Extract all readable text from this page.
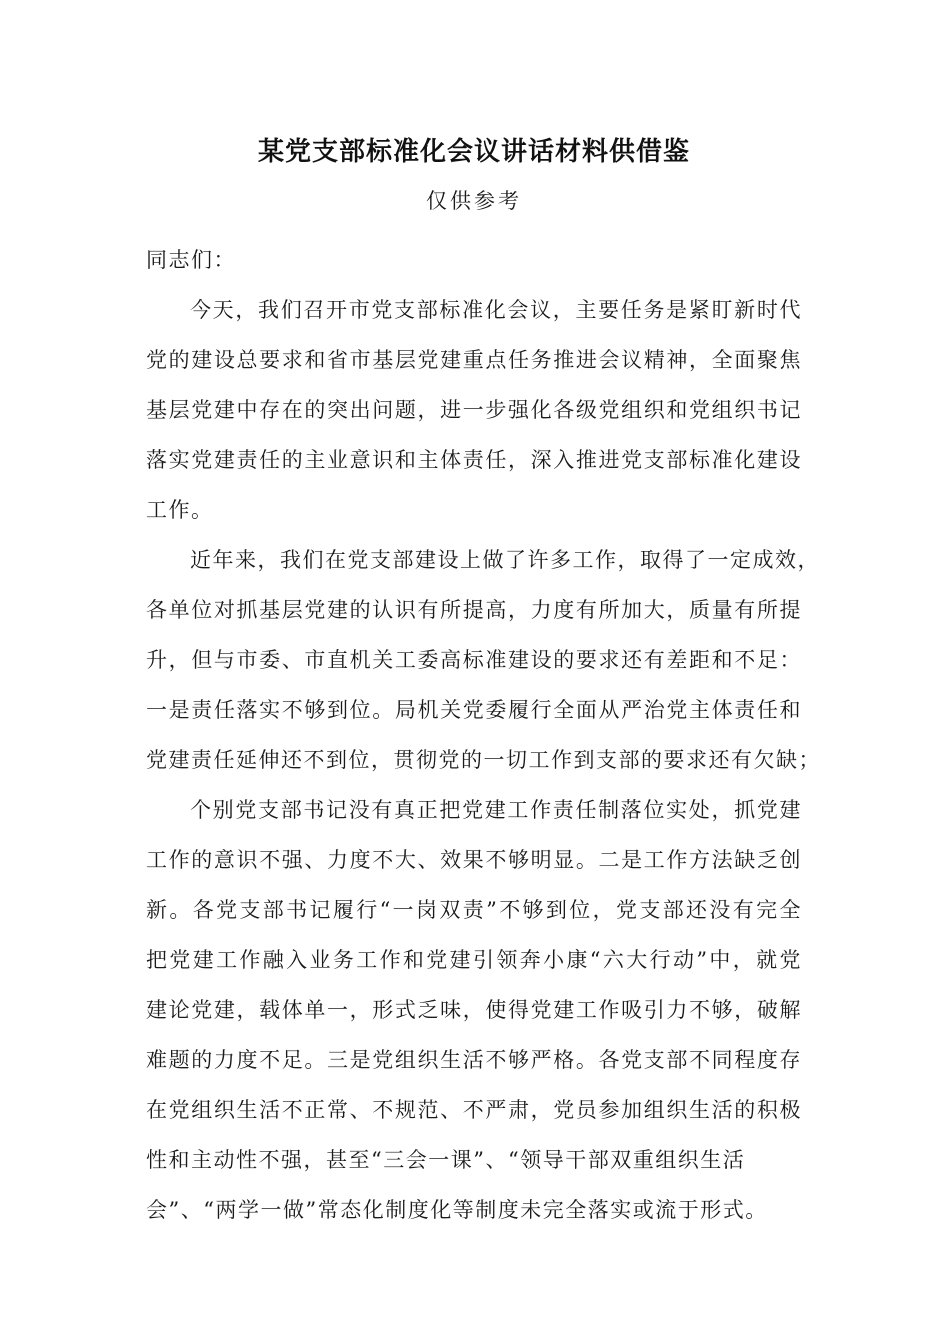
某党支部标准化会议讲话材料供借鉴
仅供参考
同志们：
今天，我们召开市党支部标准化会议，主要任务是紧盯新时代
党的建设总要求和省市基层党建重点任务推进会议精神，全面聚焦
基层党建中存在的突出问题，进一步强化各级党组织和党组织书记
落实党建责任的主业意识和主体责任，深入推进党支部标准化建设
工作。
近年来，我们在党支部建设上做了许多工作，取得了一定成效，
各单位对抓基层党建的认识有所提高，力度有所加大，质量有所提
升，但与市委、市直机关工委高标准建设的要求还有差距和不足：
一是责任落实不够到位。局机关党委履行全面从严治党主体责任和
党建责任延伸还不到位，贯彻党的一切工作到支部的要求还有欠缺；
个别党支部书记没有真正把党建工作责任制落位实处，抓党建
工作的意识不强、力度不大、效果不够明显。二是工作方法缺乏创
新。各党支部书记履行“一岗双责”不够到位，党支部还没有完全
把党建工作融入业务工作和党建引领奔小康“六大行动”中，就党
建论党建，载体单一，形式乏味，使得党建工作吸引力不够，破解
难题的力度不足。三是党组织生活不够严格。各党支部不同程度存
在党组织生活不正常、不规范、不严肃，党员参加组织生活的积极
性和主动性不强，甚至“三会一课”、“领导干部双重组织生活
会”、“两学一做”常态化制度化等制度未完全落实或流于形式。
